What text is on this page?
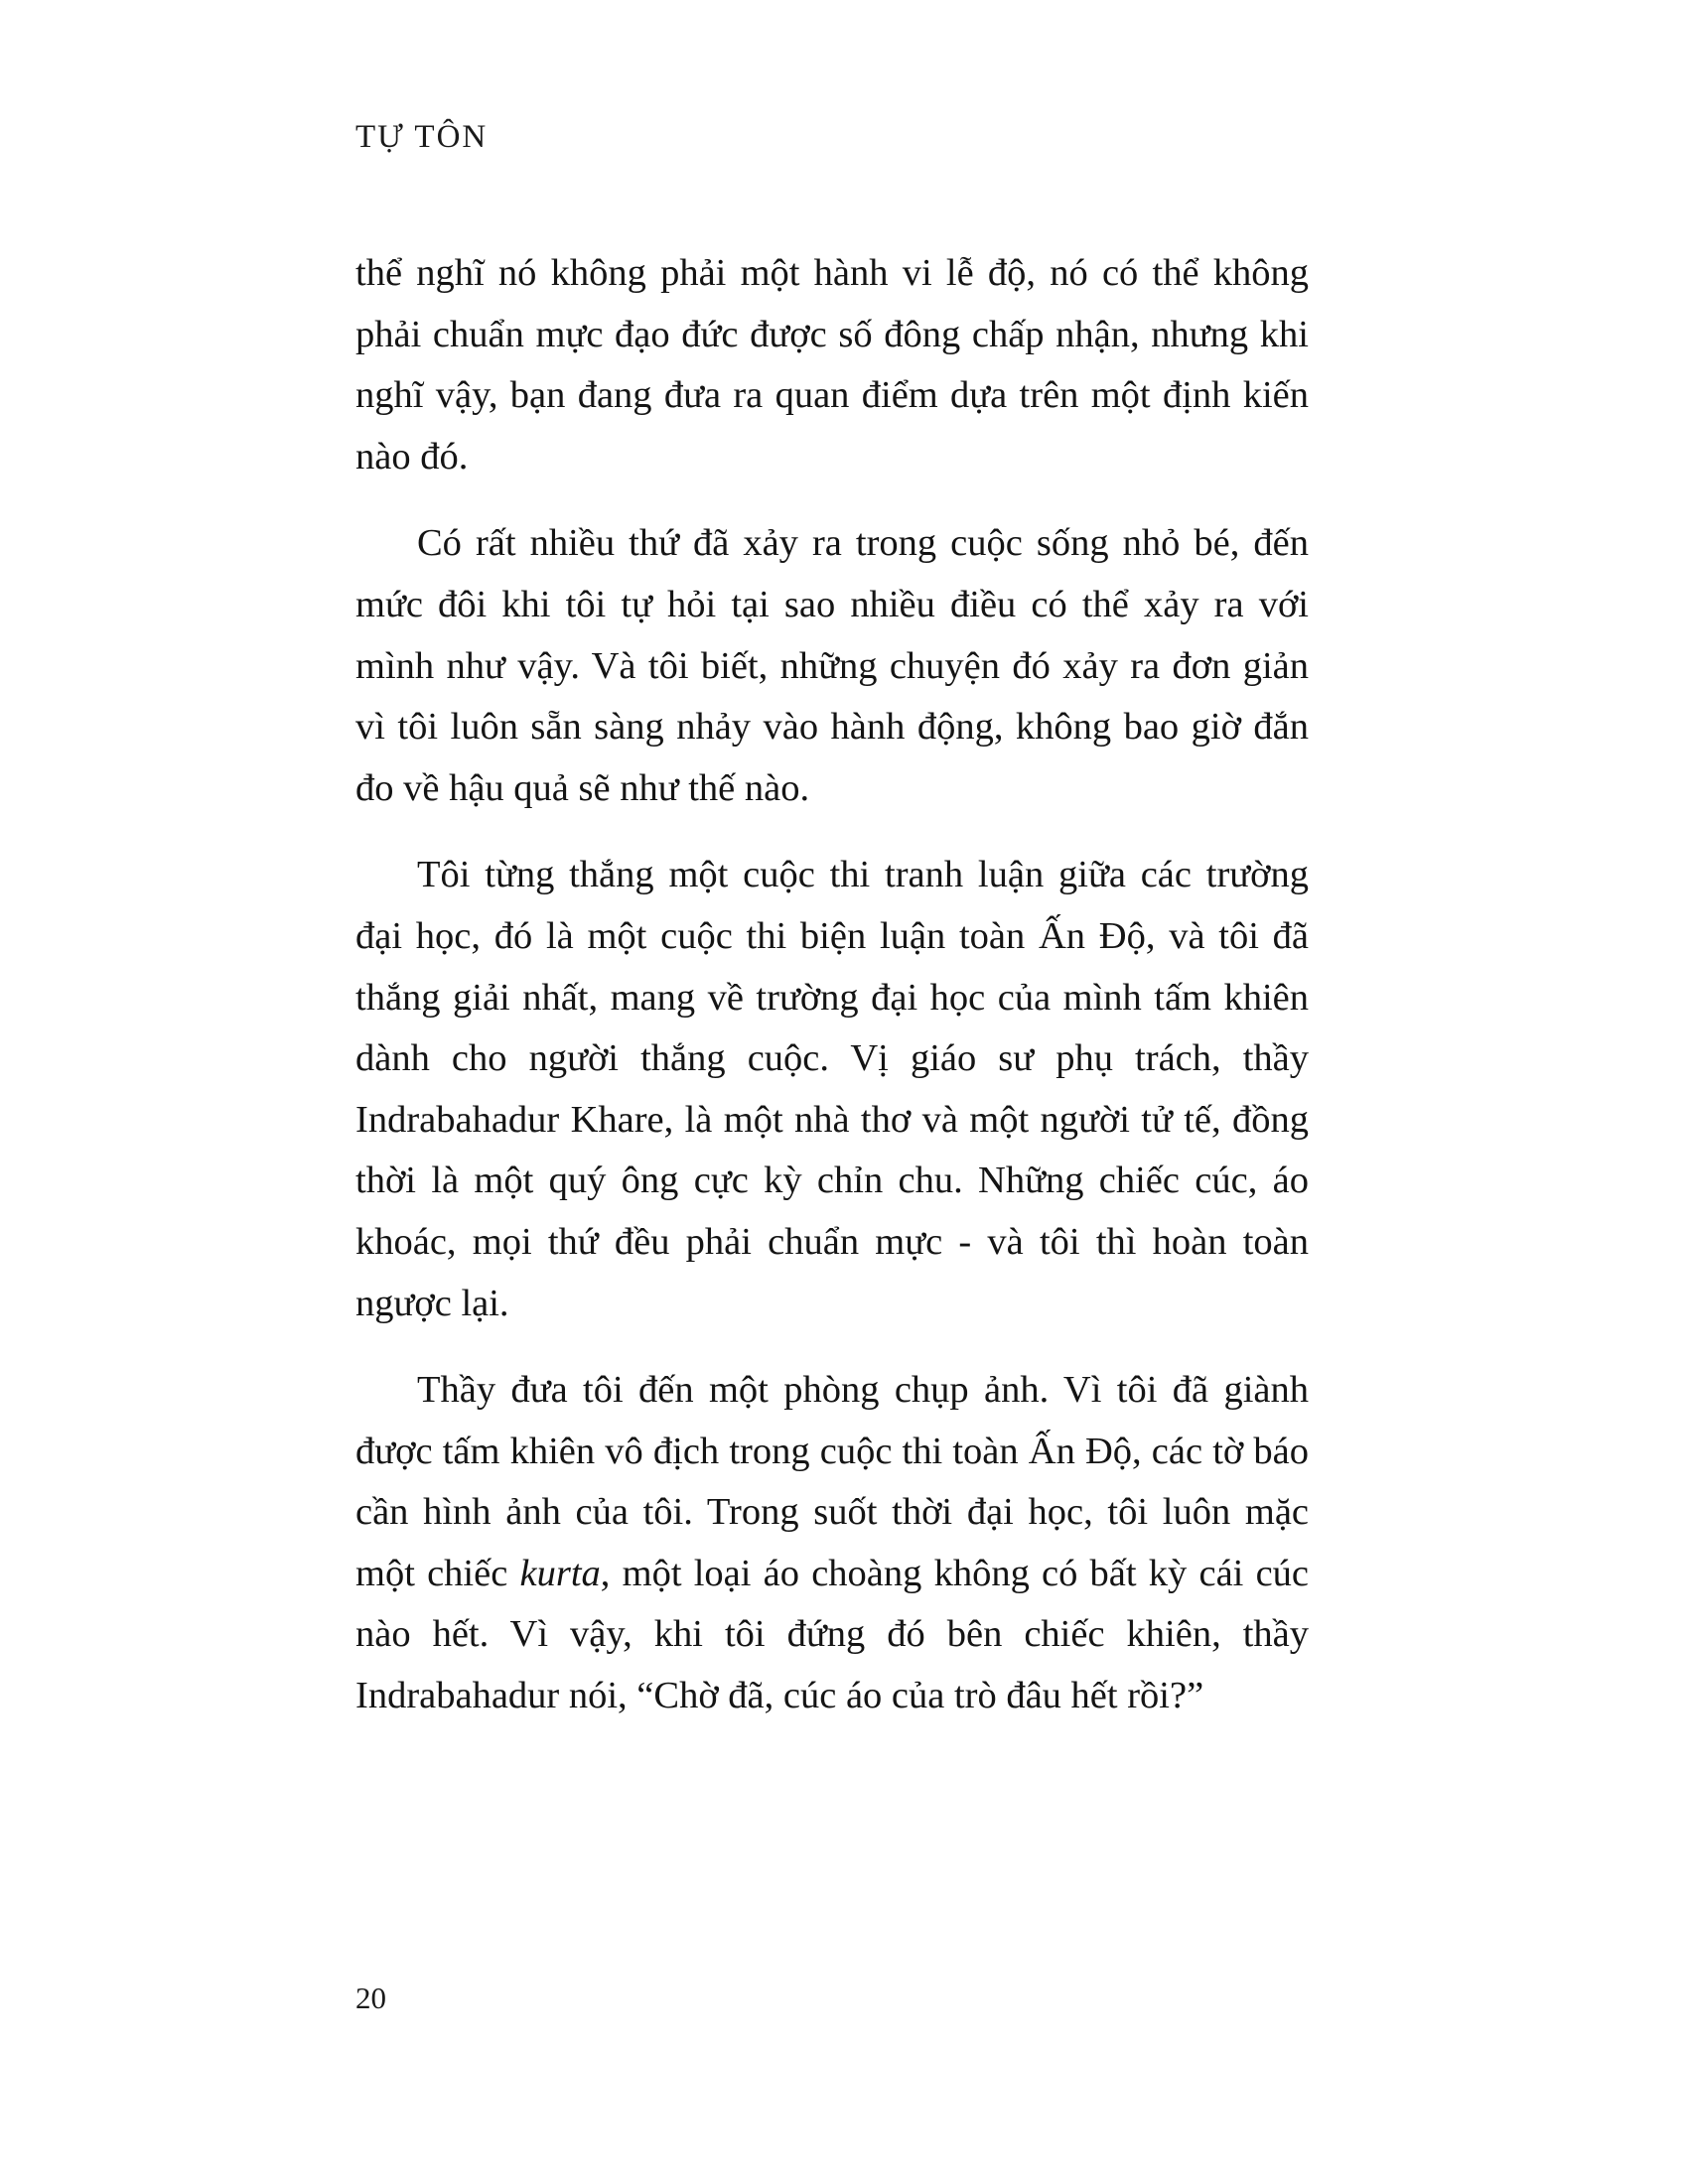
TỰ TÔN

thể nghĩ nó không phải một hành vi lễ độ, nó có thể không phải chuẩn mực đạo đức được số đông chấp nhận, nhưng khi nghĩ vậy, bạn đang đưa ra quan điểm dựa trên một định kiến nào đó.

Có rất nhiều thứ đã xảy ra trong cuộc sống nhỏ bé, đến mức đôi khi tôi tự hỏi tại sao nhiều điều có thể xảy ra với mình như vậy. Và tôi biết, những chuyện đó xảy ra đơn giản vì tôi luôn sẵn sàng nhảy vào hành động, không bao giờ đắn đo về hậu quả sẽ như thế nào.

Tôi từng thắng một cuộc thi tranh luận giữa các trường đại học, đó là một cuộc thi biện luận toàn Ấn Độ, và tôi đã thắng giải nhất, mang về trường đại học của mình tấm khiên dành cho người thắng cuộc. Vị giáo sư phụ trách, thầy Indrabahadur Khare, là một nhà thơ và một người tử tế, đồng thời là một quý ông cực kỳ chỉn chu. Những chiếc cúc, áo khoác, mọi thứ đều phải chuẩn mực - và tôi thì hoàn toàn ngược lại.

Thầy đưa tôi đến một phòng chụp ảnh. Vì tôi đã giành được tấm khiên vô địch trong cuộc thi toàn Ấn Độ, các tờ báo cần hình ảnh của tôi. Trong suốt thời đại học, tôi luôn mặc một chiếc kurta, một loại áo choàng không có bất kỳ cái cúc nào hết. Vì vậy, khi tôi đứng đó bên chiếc khiên, thầy Indrabahadur nói, “Chờ đã, cúc áo của trò đâu hết rồi?”

20
